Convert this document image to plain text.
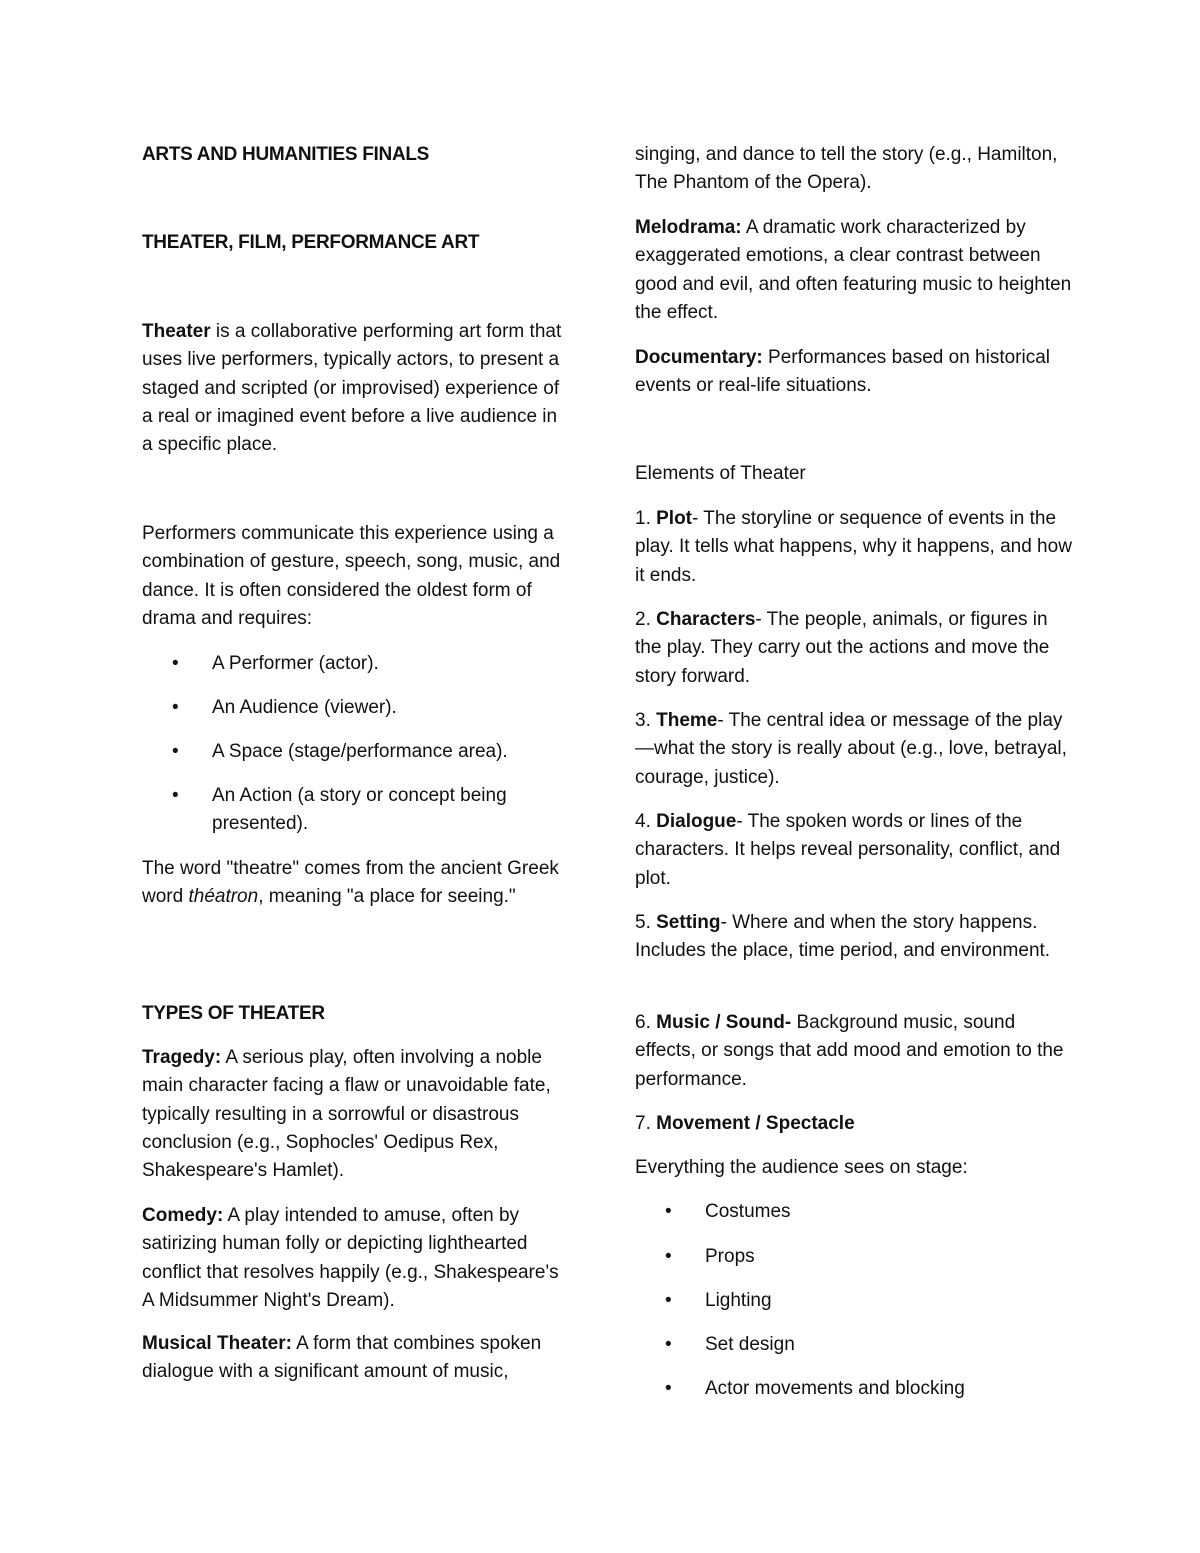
ARTS AND HUMANITIES FINALS
THEATER, FILM, PERFORMANCE ART

Theater is a collaborative performing art form that uses live performers, typically actors, to present a staged and scripted (or improvised) experience of a real or imagined event before a live audience in a specific place.

Performers communicate this experience using a combination of gesture, speech, song, music, and dance. It is often considered the oldest form of drama and requires:

• A Performer (actor).
• An Audience (viewer).
• A Space (stage/performance area).
• An Action (a story or concept being presented).

The word "theatre" comes from the ancient Greek word théatron, meaning "a place for seeing."

TYPES OF THEATER

Tragedy: A serious play, often involving a noble main character facing a flaw or unavoidable fate, typically resulting in a sorrowful or disastrous conclusion (e.g., Sophocles' Oedipus Rex, Shakespeare's Hamlet).

Comedy: A play intended to amuse, often by satirizing human folly or depicting lighthearted conflict that resolves happily (e.g., Shakespeare's A Midsummer Night's Dream).

Musical Theater: A form that combines spoken dialogue with a significant amount of music,

singing, and dance to tell the story (e.g., Hamilton, The Phantom of the Opera).

Melodrama: A dramatic work characterized by exaggerated emotions, a clear contrast between good and evil, and often featuring music to heighten the effect.

Documentary: Performances based on historical events or real-life situations.

Elements of Theater

1. Plot- The storyline or sequence of events in the play. It tells what happens, why it happens, and how it ends.

2. Characters- The people, animals, or figures in the play. They carry out the actions and move the story forward.

3. Theme- The central idea or message of the play—what the story is really about (e.g., love, betrayal, courage, justice).

4. Dialogue- The spoken words or lines of the characters. It helps reveal personality, conflict, and plot.

5. Setting- Where and when the story happens. Includes the place, time period, and environment.

6. Music / Sound- Background music, sound effects, or songs that add mood and emotion to the performance.

7. Movement / Spectacle

Everything the audience sees on stage:

• Costumes
• Props
• Lighting
• Set design
• Actor movements and blocking
